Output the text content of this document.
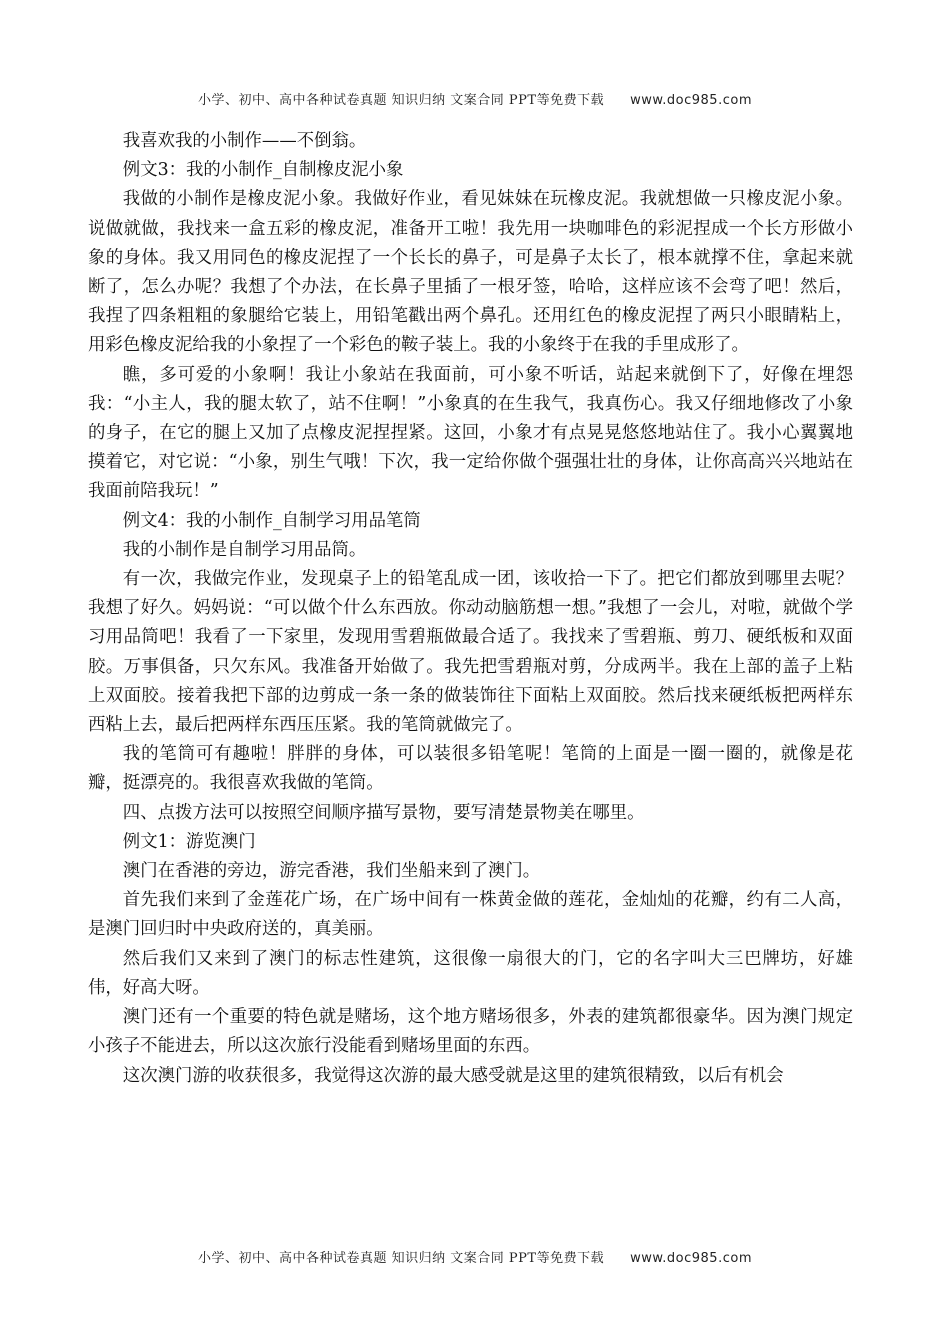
小学、初中、高中各种试卷真题 知识归纳 文案合同 PPT等免费下载 www.doc985.com

我喜欢我的小制作——不倒翁。

例文3：我的小制作_自制橡皮泥小象

我做的小制作是橡皮泥小象。我做好作业，看见妹妹在玩橡皮泥。我就想做一只橡皮泥小象。说做就做，我找来一盒五彩的橡皮泥，准备开工啦！我先用一块咖啡色的彩泥捏成一个长方形做小象的身体。我又用同色的橡皮泥捏了一个长长的鼻子，可是鼻子太长了，根本就撑不住，拿起来就断了，怎么办呢？我想了个办法，在长鼻子里插了一根牙签，哈哈，这样应该不会弯了吧！然后，我捏了四条粗粗的象腿给它装上，用铅笔戳出两个鼻孔。还用红色的橡皮泥捏了两只小眼睛粘上，用彩色橡皮泥给我的小象捏了一个彩色的鞍子装上。我的小象终于在我的手里成形了。

瞧，多可爱的小象啊！我让小象站在我面前，可小象不听话，站起来就倒下了，好像在埋怨我：“小主人，我的腿太软了，站不住啊！”小象真的在生我气，我真伤心。我又仔细地修改了小象的身子，在它的腿上又加了点橡皮泥捏捏紧。这回，小象才有点晃晃悠悠地站住了。我小心翼翼地摸着它，对它说：“小象，别生气哦！下次，我一定给你做个强强壮壮的身体，让你高高兴兴地站在我面前陪我玩！”

例文4：我的小制作_自制学习用品笔筒

我的小制作是自制学习用品筒。

有一次，我做完作业，发现桌子上的铅笔乱成一团，该收拾一下了。把它们都放到哪里去呢？我想了好久。妈妈说：“可以做个什么东西放。你动动脑筋想一想。”我想了一会儿，对啦，就做个学习用品筒吧！我看了一下家里，发现用雪碧瓶做最合适了。我找来了雪碧瓶、剪刀、硬纸板和双面胶。万事俱备，只欠东风。我准备开始做了。我先把雪碧瓶对剪，分成两半。我在上部的盖子上粘上双面胶。接着我把下部的边剪成一条一条的做装饰往下面粘上双面胶。然后找来硬纸板把两样东西粘上去，最后把两样东西压压紧。我的笔筒就做完了。

我的笔筒可有趣啦！胖胖的身体，可以装很多铅笔呢！笔筒的上面是一圈一圈的，就像是花瓣，挺漂亮的。我很喜欢我做的笔筒。

四、点拨方法可以按照空间顺序描写景物，要写清楚景物美在哪里。

例文1：游览澳门

澳门在香港的旁边，游完香港，我们坐船来到了澳门。

首先我们来到了金莲花广场，在广场中间有一株黄金做的莲花，金灿灿的花瓣，约有二人高，是澳门回归时中央政府送的，真美丽。

然后我们又来到了澳门的标志性建筑，这很像一扇很大的门，它的名字叫大三巴牌坊，好雄伟，好高大呀。

澳门还有一个重要的特色就是赌场，这个地方赌场很多，外表的建筑都很豪华。因为澳门规定小孩子不能进去，所以这次旅行没能看到赌场里面的东西。

这次澳门游的收获很多，我觉得这次游的最大感受就是这里的建筑很精致，以后有机会

小学、初中、高中各种试卷真题 知识归纳 文案合同 PPT等免费下载 www.doc985.com
